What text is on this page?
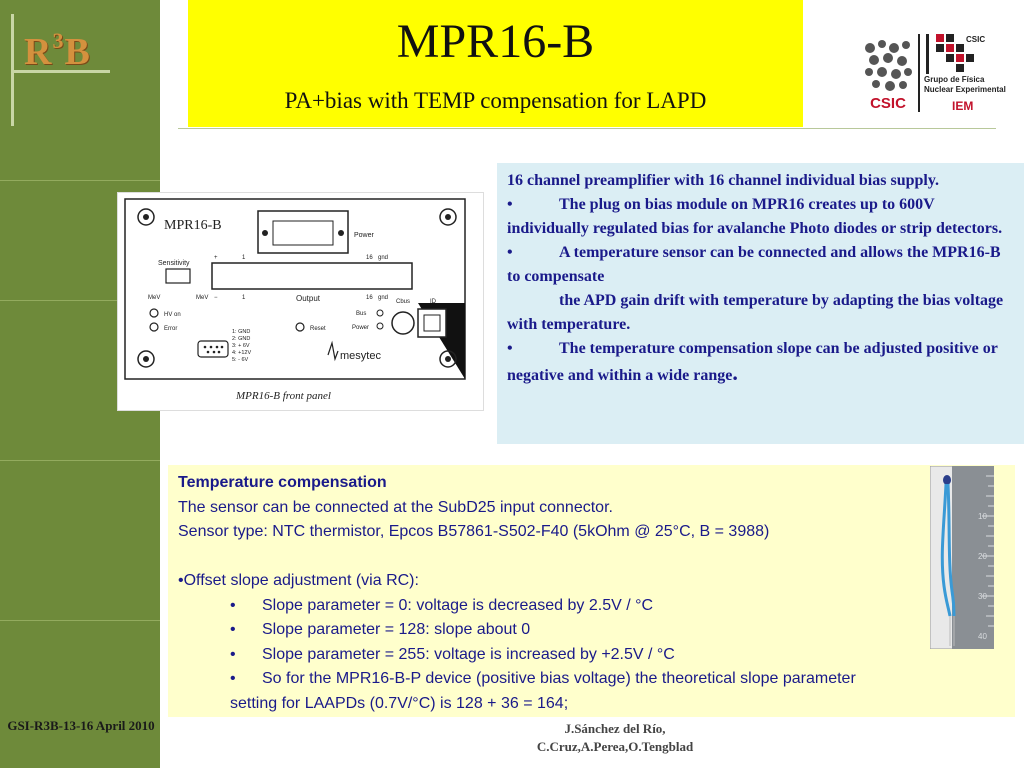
$R^3B$
GSI-R3B-13-16 April 2010
MPR16-B
PA+bias with TEMP compensation for LAPD	CSIC
CSIC
Grupo de Física
Nuclear Experimental
IEM
MPR16-B
Power
Sensitivity
+	1	16 gnd
MeV	MeV −	1	Output	16 gnd
HV on
Error	Reset
Bus
Power
Cbus	ID
1: GND
2: GND
3: + 6V
4: +12V
5: - 6V	mesytec
MPR16-B front panel
16 channel preamplifier with 16 channel individual bias supply.
•	The plug on bias module on MPR16 creates up to 600V individually regulated bias for avalanche Photo diodes or strip detectors.
•	A temperature sensor can be connected and allows the MPR16-B to compensate
the APD gain drift with temperature by adapting the bias voltage with temperature.
•	The temperature compensation slope can be adjusted positive or negative and within a wide range.
Temperature compensation
The sensor can be connected at the SubD25 input connector.
Sensor type: NTC thermistor, Epcos B57861-S502-F40 (5kOhm @ 25°C, B = 3988)
•Offset slope adjustment (via RC):
• Slope parameter = 0: voltage is decreased by 2.5V / °C
• Slope parameter = 128: slope about 0
• Slope parameter = 255: voltage is increased by +2.5V / °C
• So for the MPR16-B-P device (positive bias voltage) the theoretical slope parameter
setting for LAAPDs (0.7V/°C) is 128 + 36 = 164;
10
20
30
40
J.Sánchez del Río,
C.Cruz,A.Perea,O.Tengblad
